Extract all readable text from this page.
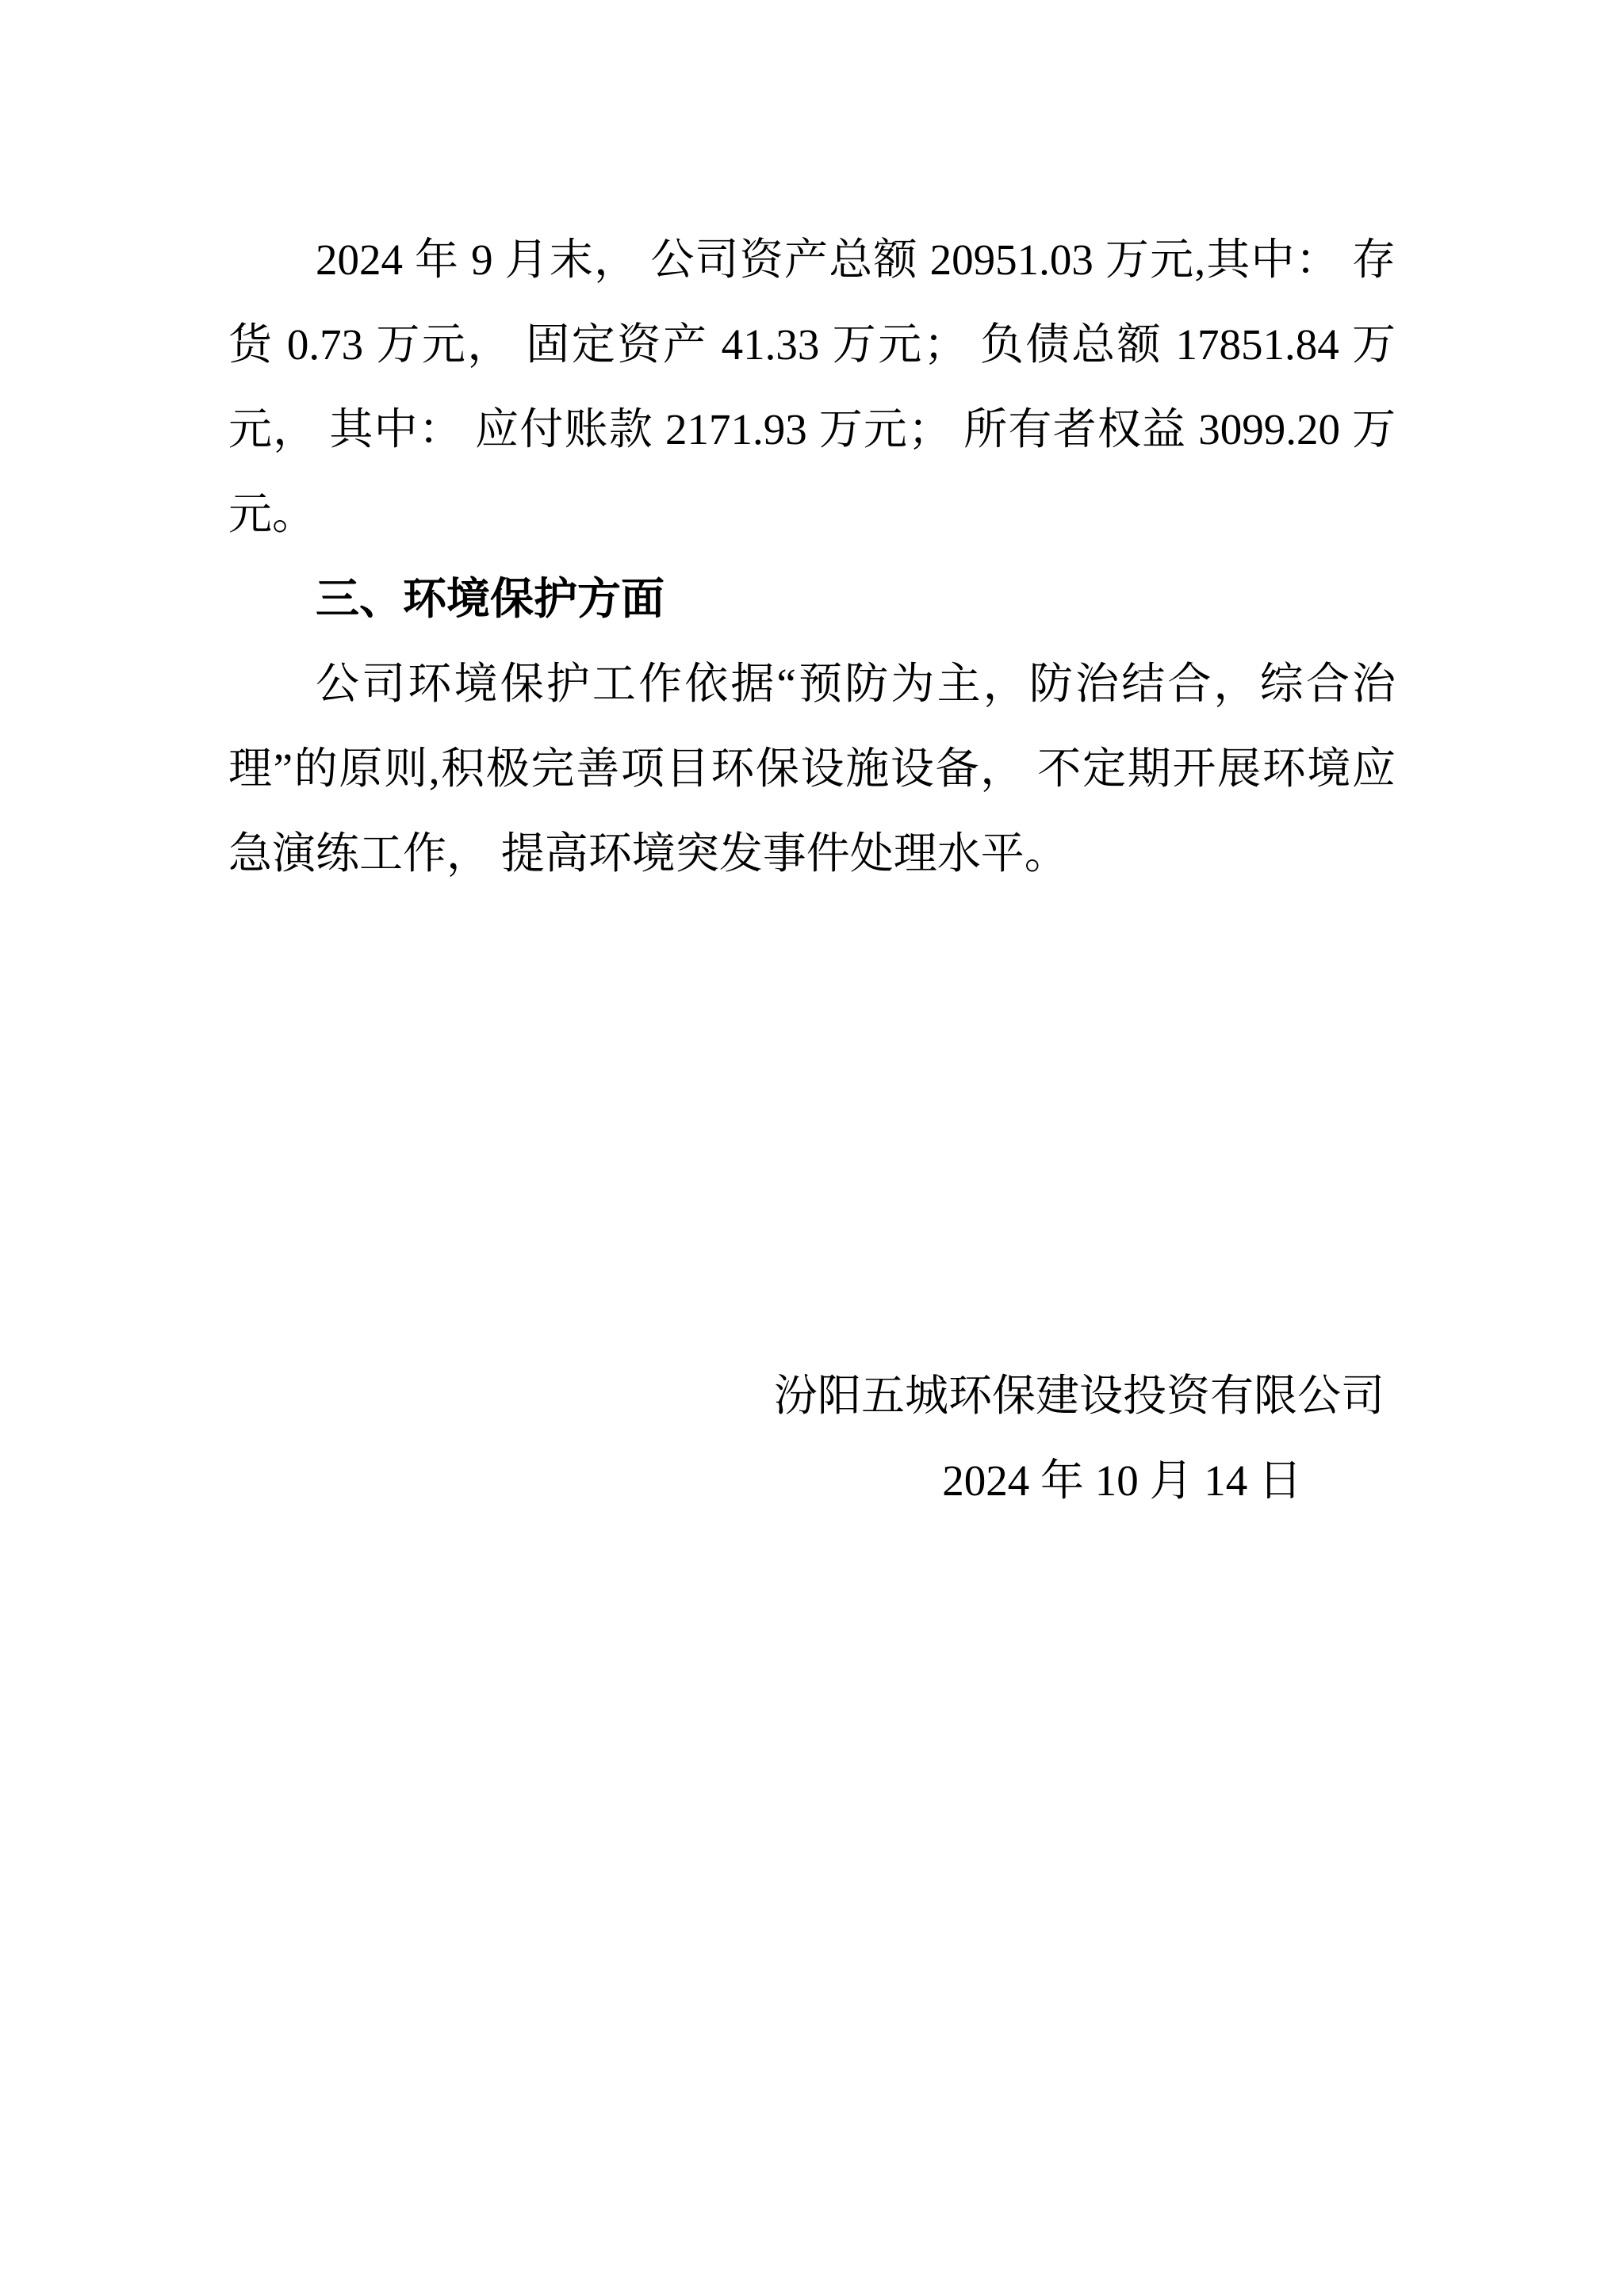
2024 年 9 月末， 公司资产总额 20951.03 万元,其中： 存货 0.73 万元， 固定资产 41.33 万元； 负债总额 17851.84 万元， 其中： 应付账款 2171.93 万元； 所有者权益 3099.20 万元。

三、环境保护方面

公司环境保护工作依据“预防为主，防治结合，综合治理”的原则,积极完善项目环保设施设备， 不定期开展环境应急演练工作， 提高环境突发事件处理水平。

汾阳五城环保建设投资有限公司
2024 年 10 月 14 日
